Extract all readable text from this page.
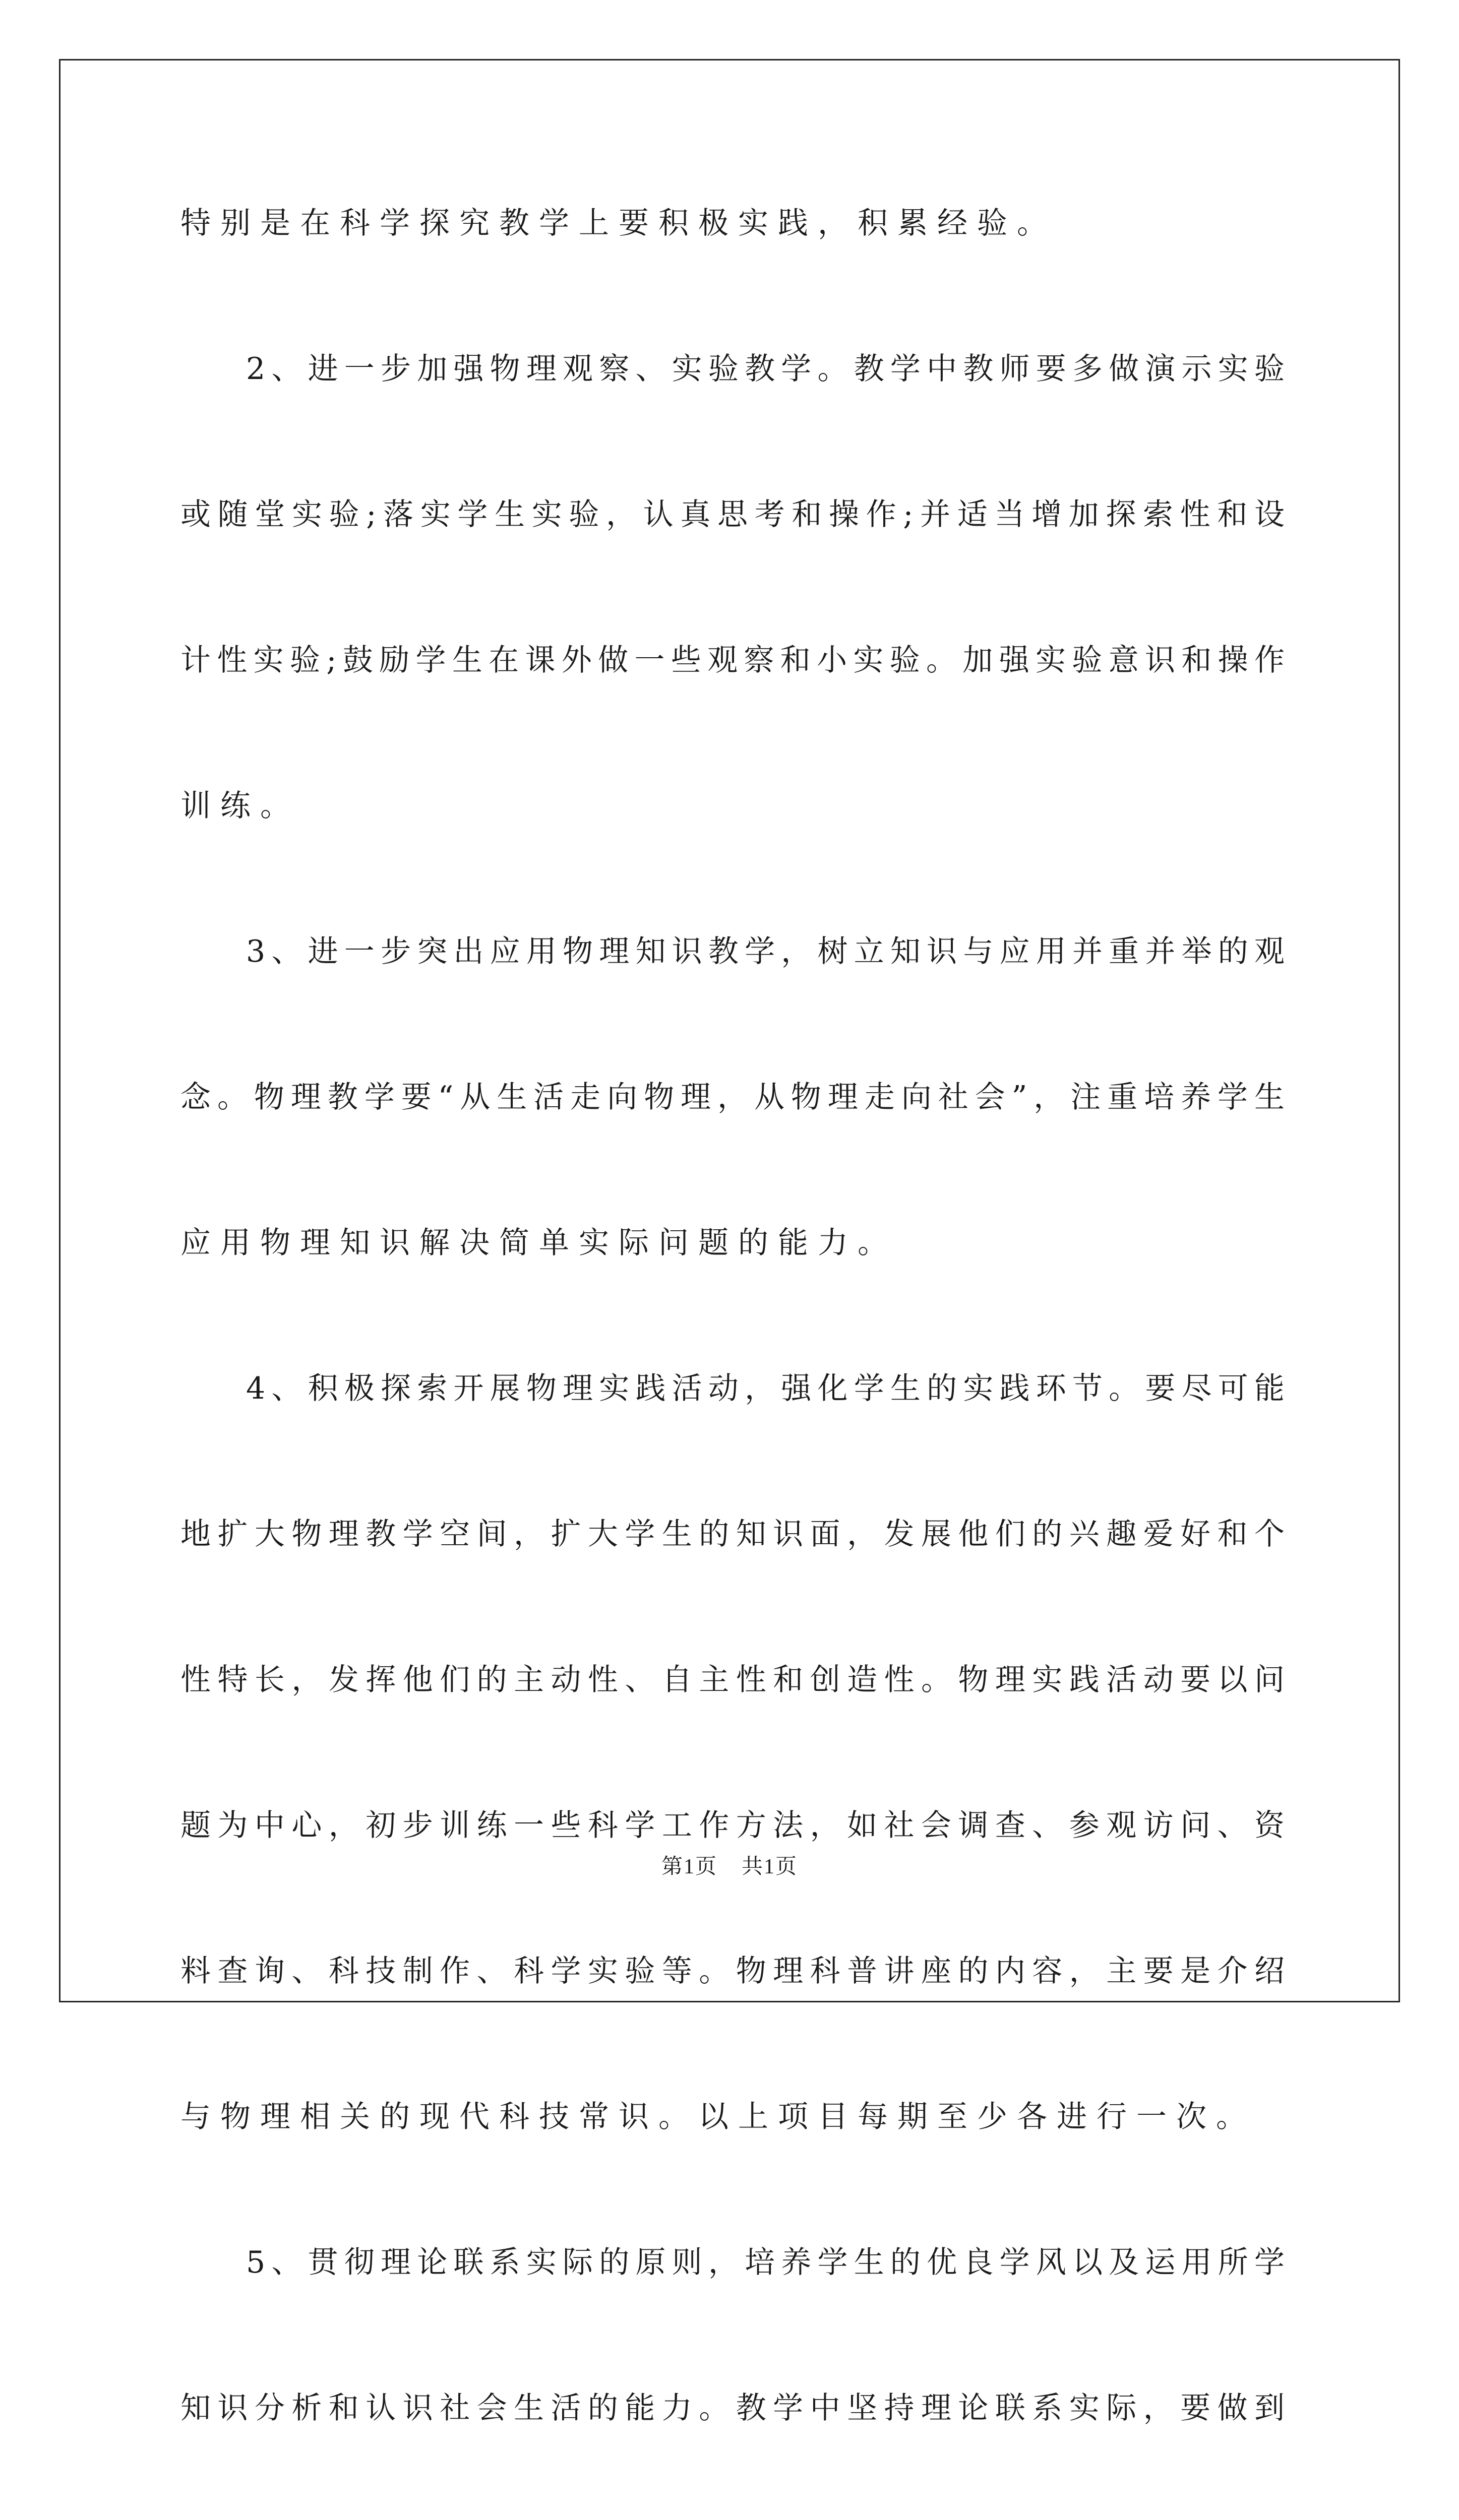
特别是在科学探究教学上要积极实践，积累经验。
2、进一步加强物理观察、实验教学。教学中教师要多做演示实验
或随堂实验;落实学生实验，认真思考和操作;并适当增加探索性和设
计性实验;鼓励学生在课外做一些观察和小实验。加强实验意识和操作
训练。
3、进一步突出应用物理知识教学，树立知识与应用并重并举的观
念。物理教学要“从生活走向物理，从物理走向社会”，注重培养学生
应用物理知识解决简单实际问题的能力。
4、积极探索开展物理实践活动，强化学生的实践环节。要尽可能
地扩大物理教学空间，扩大学生的知识面，发展他们的兴趣爱好和个
性特长，发挥他们的主动性、自主性和创造性。物理实践活动要以问
题为中心，初步训练一些科学工作方法，如社会调查、参观访问、资
料查询、科技制作、科学实验等。物理科普讲座的内容，主要是介绍
与物理相关的现代科技常识。以上项目每期至少各进行一次。
5、贯彻理论联系实际的原则，培养学生的优良学风以及运用所学
知识分析和认识社会生活的能力。教学中坚持理论联系实际，要做到
第1页 共1页
